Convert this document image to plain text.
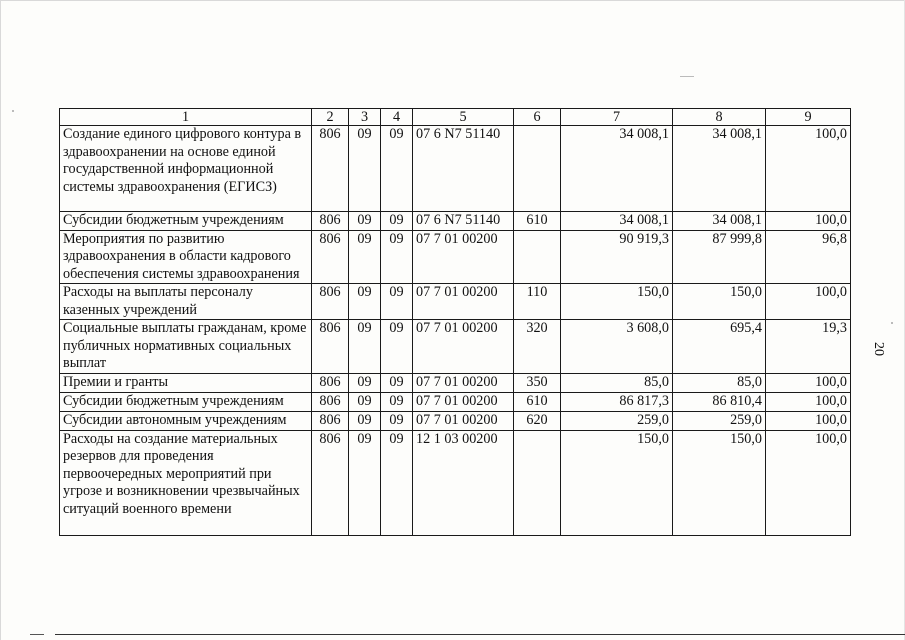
1	2	3	4	5	6	7	8	9
Создание единого цифрового контура в здравоохранении на основе единой государственной информационной системы здравоохранения (ЕГИСЗ)	806	09	09	07 6 N7 51140		34 008,1	34 008,1	100,0
Субсидии бюджетным учреждениям	806	09	09	07 6 N7 51140	610	34 008,1	34 008,1	100,0
Мероприятия по развитию здравоохранения в области кадрового обеспечения системы здравоохранения	806	09	09	07 7 01 00200		90 919,3	87 999,8	96,8
Расходы на выплаты персоналу казенных учреждений	806	09	09	07 7 01 00200	110	150,0	150,0	100,0
Социальные выплаты гражданам, кроме публичных нормативных социальных выплат	806	09	09	07 7 01 00200	320	3 608,0	695,4	19,3
Премии и гранты	806	09	09	07 7 01 00200	350	85,0	85,0	100,0
Субсидии бюджетным учреждениям	806	09	09	07 7 01 00200	610	86 817,3	86 810,4	100,0
Субсидии автономным учреждениям	806	09	09	07 7 01 00200	620	259,0	259,0	100,0
Расходы на создание материальных резервов для проведения первоочередных мероприятий при угрозе и возникновении чрезвычайных ситуаций военного времени	806	09	09	12 1 03 00200		150,0	150,0	100,0
20
